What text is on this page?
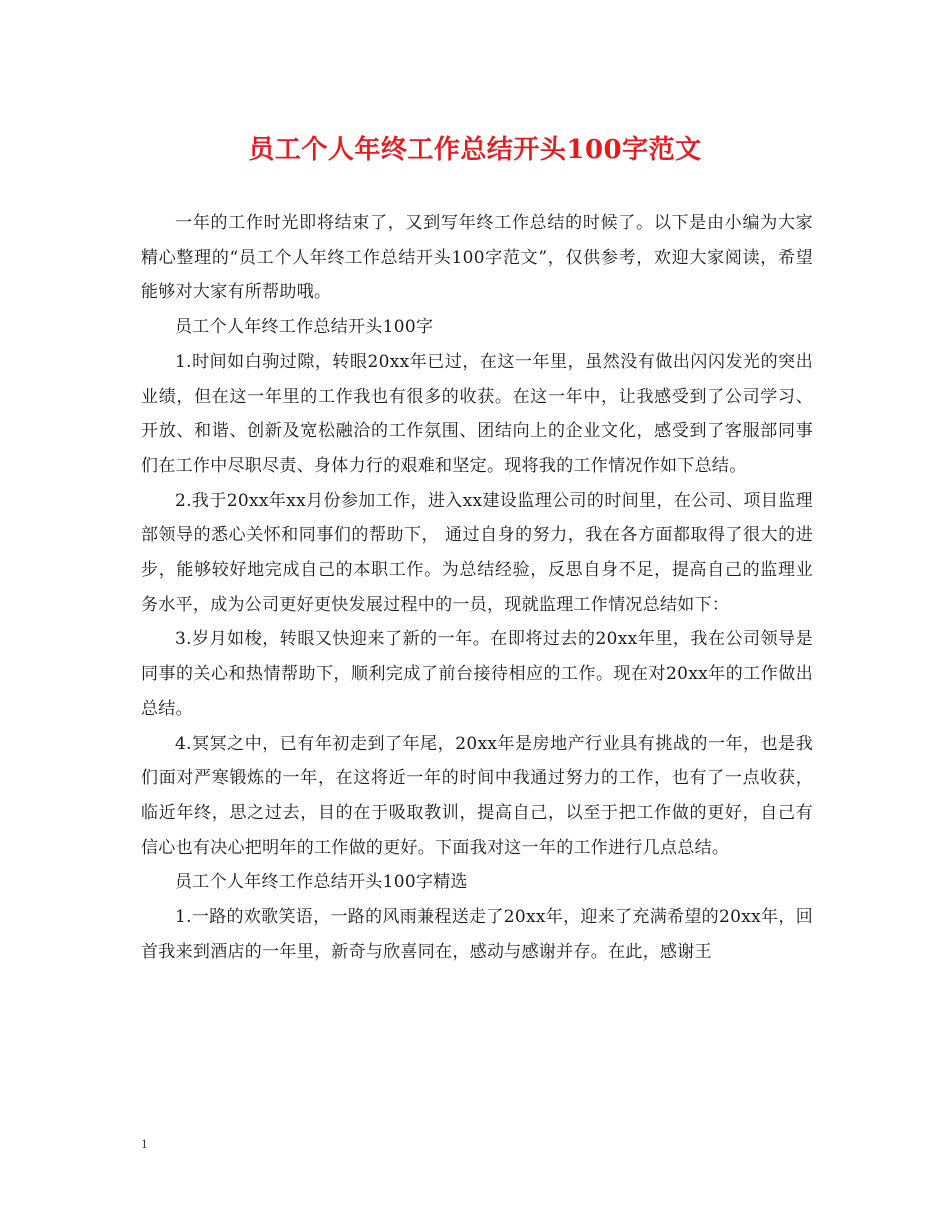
员工个人年终工作总结开头100字范文

一年的工作时光即将结束了，又到写年终工作总结的时候了。以下是由小编为大家精心整理的“员工个人年终工作总结开头100字范文”，仅供参考，欢迎大家阅读，希望能够对大家有所帮助哦。

员工个人年终工作总结开头100字

1.时间如白驹过隙，转眼20xx年已过，在这一年里，虽然没有做出闪闪发光的突出业绩，但在这一年里的工作我也有很多的收获。在这一年中，让我感受到了公司学习、开放、和谐、创新及宽松融洽的工作氛围、团结向上的企业文化，感受到了客服部同事们在工作中尽职尽责、身体力行的艰难和坚定。现将我的工作情况作如下总结。

2.我于20xx年xx月份参加工作，进入xx建设监理公司的时间里，在公司、项目监理部领导的悉心关怀和同事们的帮助下， 通过自身的努力，我在各方面都取得了很大的进步，能够较好地完成自己的本职工作。为总结经验，反思自身不足，提高自己的监理业务水平，成为公司更好更快发展过程中的一员，现就监理工作情况总结如下：

3.岁月如梭，转眼又快迎来了新的一年。在即将过去的20xx年里，我在公司领导是同事的关心和热情帮助下，顺利完成了前台接待相应的工作。现在对20xx年的工作做出总结。

4.冥冥之中，已有年初走到了年尾，20xx年是房地产行业具有挑战的一年，也是我们面对严寒锻炼的一年，在这将近一年的时间中我通过努力的工作，也有了一点收获，临近年终，思之过去，目的在于吸取教训，提高自己，以至于把工作做的更好，自己有信心也有决心把明年的工作做的更好。下面我对这一年的工作进行几点总结。

员工个人年终工作总结开头100字精选

1.一路的欢歌笑语，一路的风雨兼程送走了20xx年，迎来了充满希望的20xx年，回首我来到酒店的一年里，新奇与欣喜同在，感动与感谢并存。在此，感谢王

1
